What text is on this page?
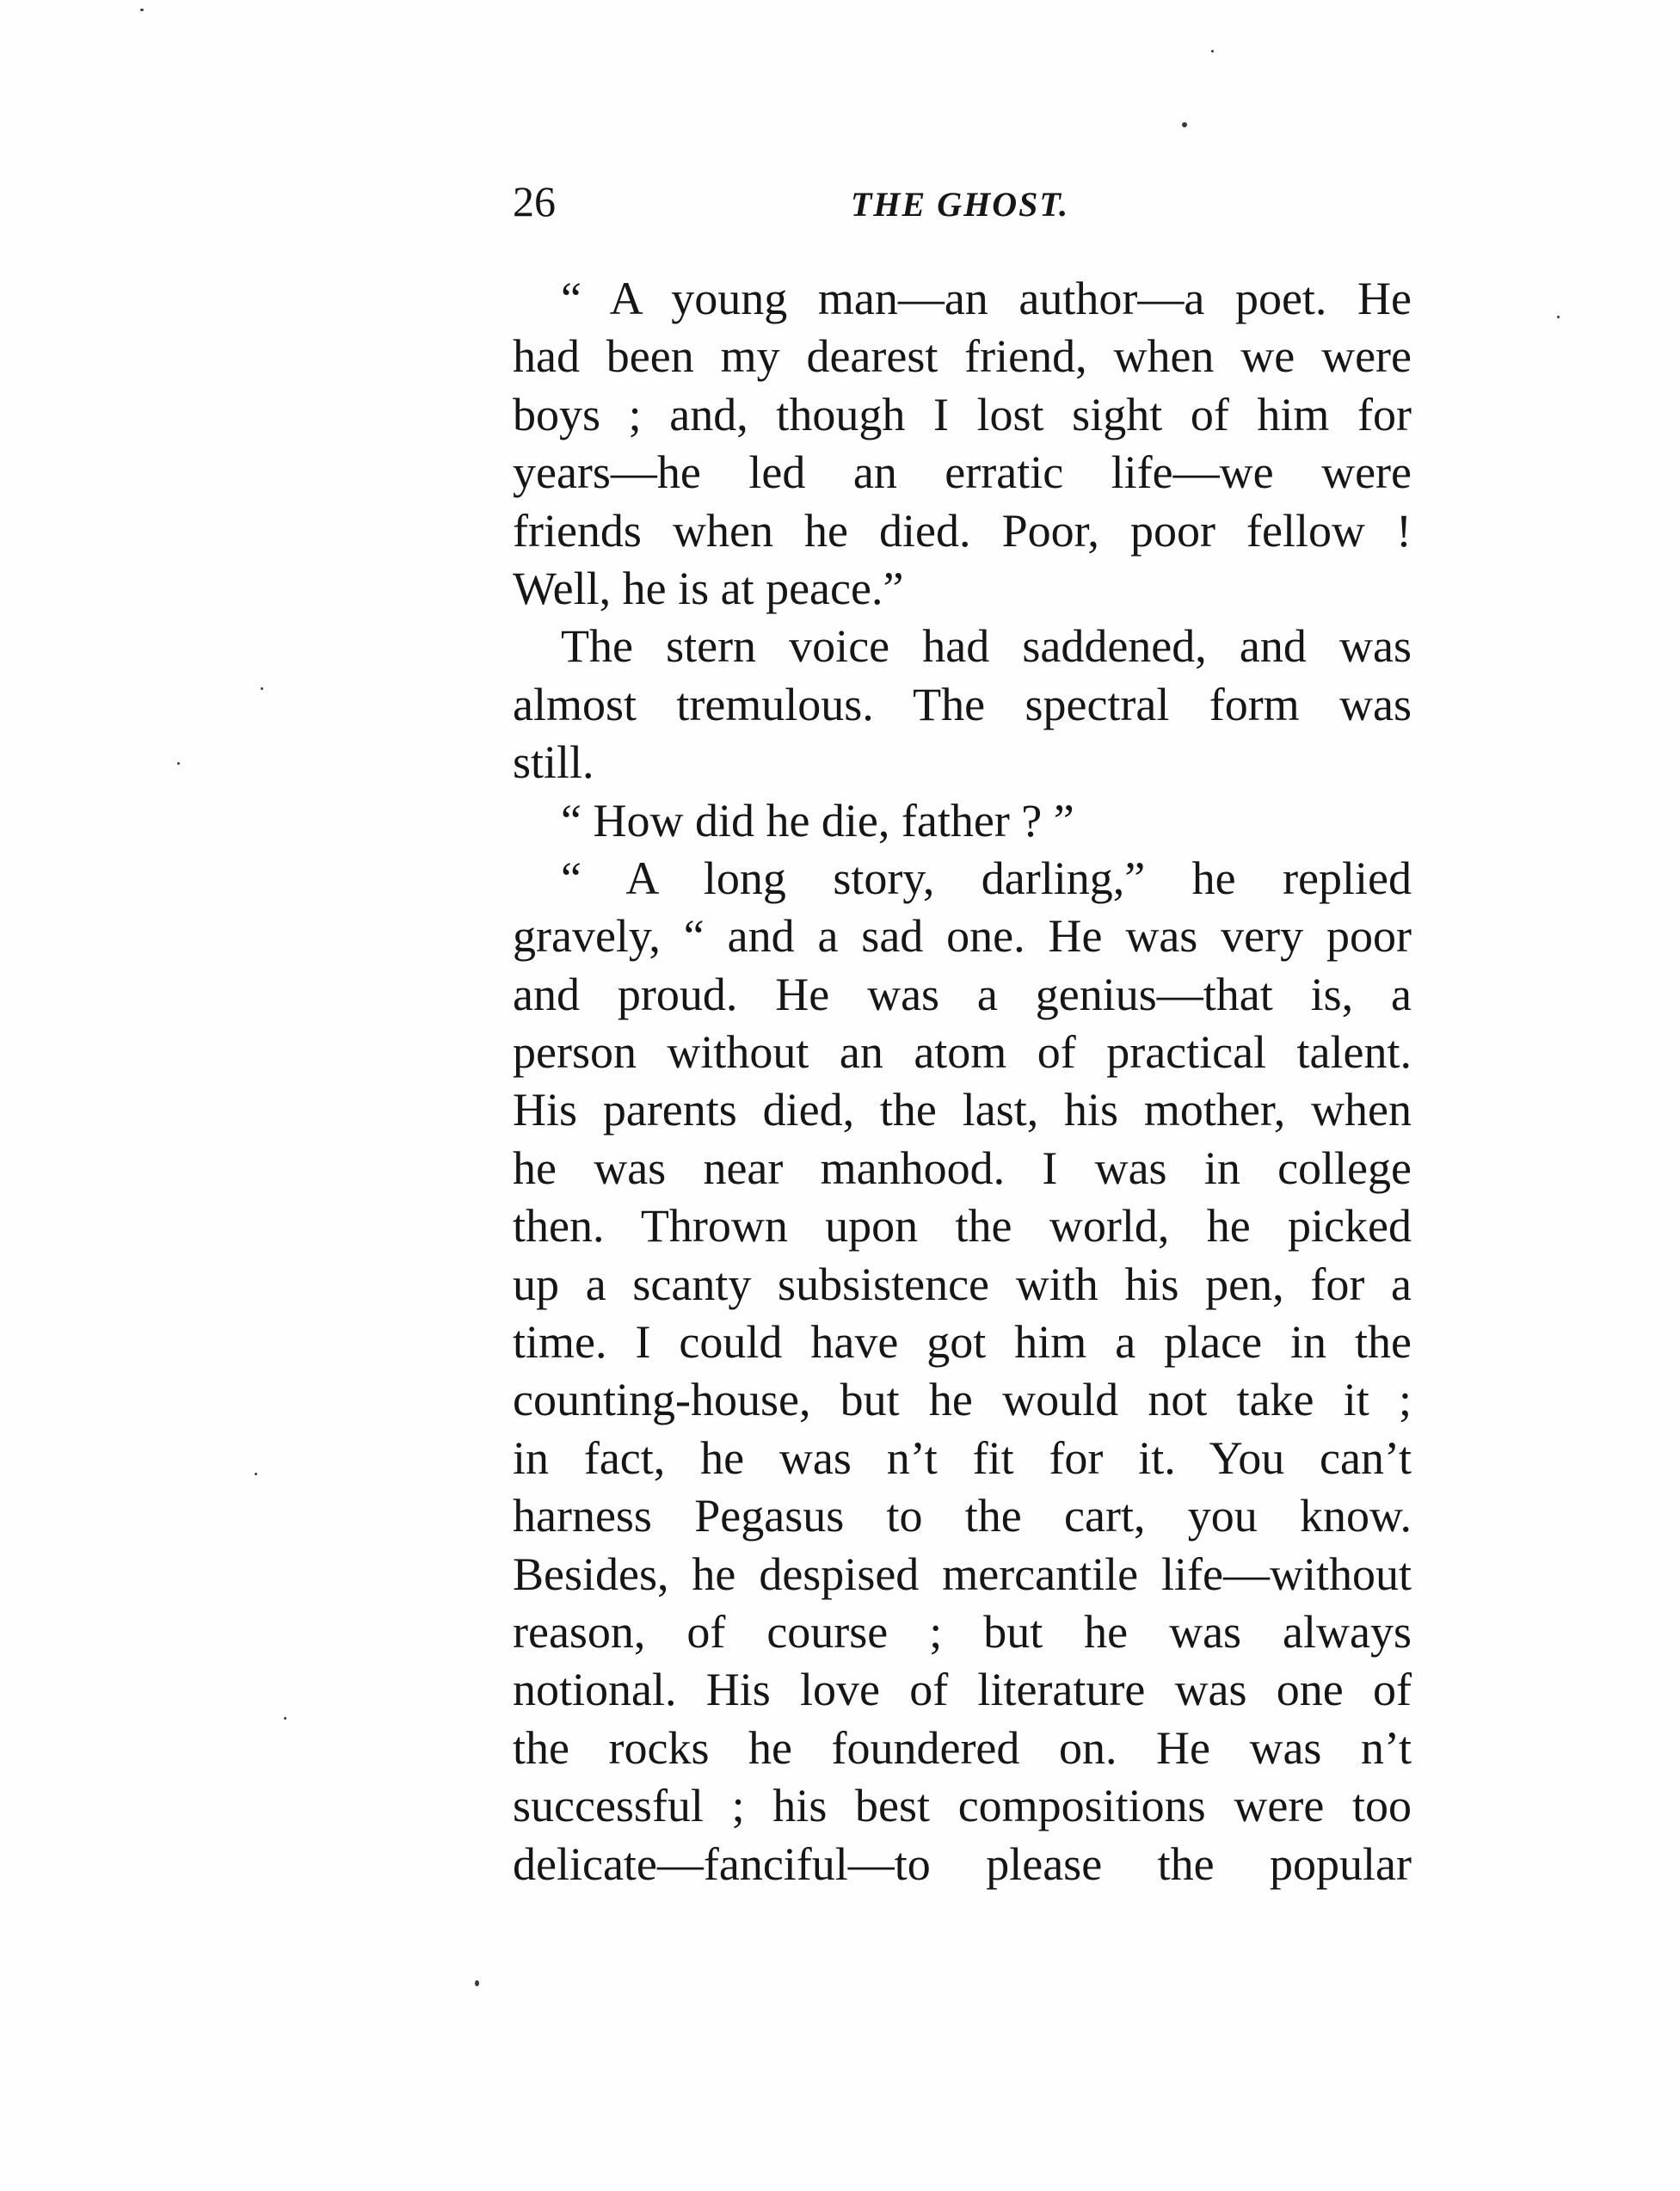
26	THE GHOST.
“ A young man—an author—a poet. He
had been my dearest friend, when we were
boys ; and, though I lost sight of him for
years—he led an erratic life—we were
friends when he died. Poor, poor fellow !
Well, he is at peace.”
The stern voice had saddened, and was
almost tremulous. The spectral form was
still.
“ How did he die, father ? ”
“ A long story, darling,” he replied
gravely, “ and a sad one. He was very poor
and proud. He was a genius—that is, a
person without an atom of practical talent.
His parents died, the last, his mother, when
he was near manhood. I was in college
then. Thrown upon the world, he picked
up a scanty subsistence with his pen, for a
time. I could have got him a place in the
counting-house, but he would not take it ;
in fact, he was n’t fit for it. You can’t
harness Pegasus to the cart, you know.
Besides, he despised mercantile life—without
reason, of course ; but he was always
notional. His love of literature was one of
the rocks he foundered on. He was n’t
successful ; his best compositions were too
delicate—fanciful—to please the popular
